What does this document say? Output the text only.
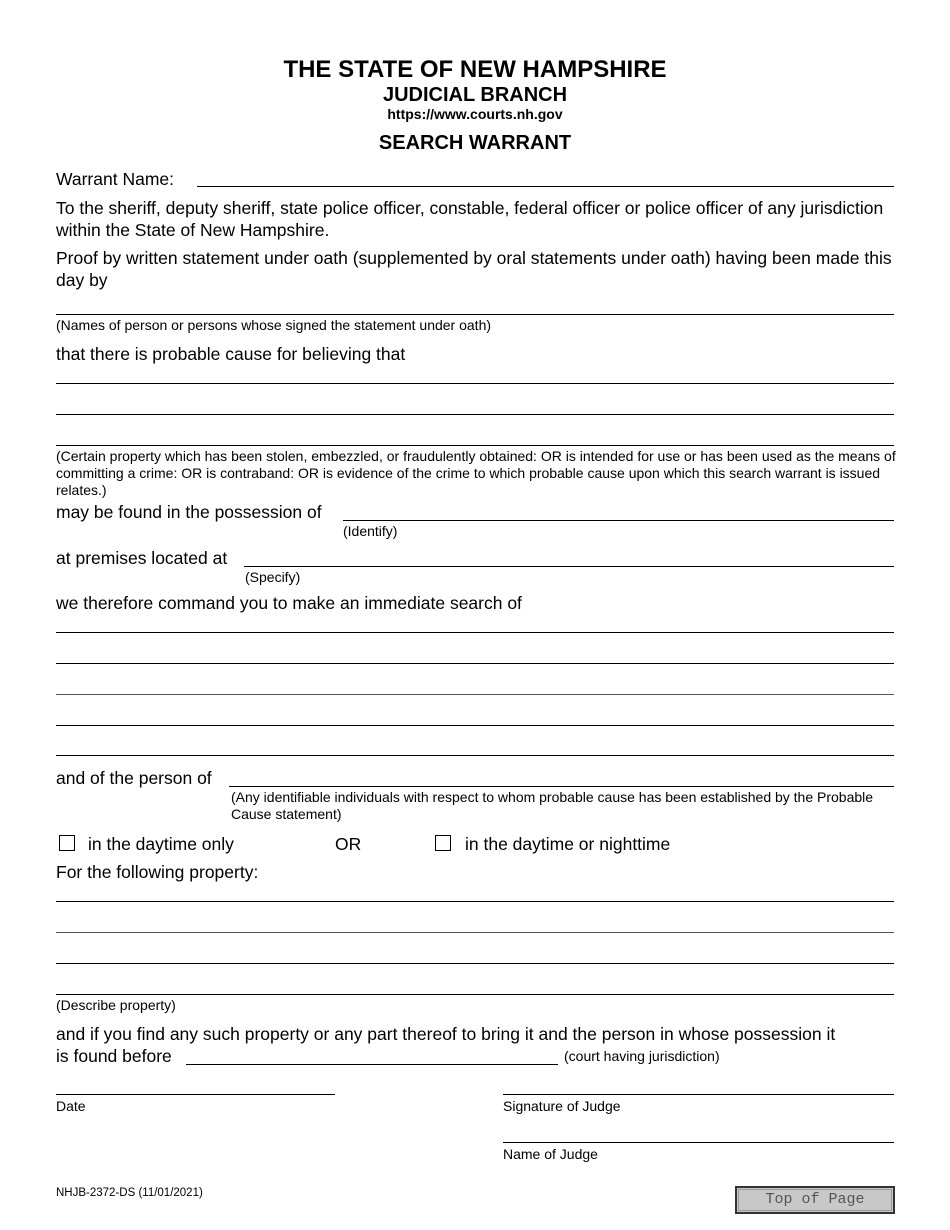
THE STATE OF NEW HAMPSHIRE
JUDICIAL BRANCH
https://www.courts.nh.gov
SEARCH WARRANT
Warrant Name:
To the sheriff, deputy sheriff, state police officer, constable, federal officer or police officer of any jurisdiction within the State of New Hampshire.
Proof by written statement under oath (supplemented by oral statements under oath) having been made this day by
(Names of person or persons whose signed the statement under oath)
that there is probable cause for believing that
(Certain property which has been stolen, embezzled, or fraudulently obtained: OR is intended for use or has been used as the means of committing a crime: OR is contraband: OR is evidence of the crime to which probable cause upon which this search warrant is issued relates.)
may be found in the possession of
(Identify)
at premises located at
(Specify)
we therefore command you to make an immediate search of
and of the person of
(Any identifiable individuals with respect to whom probable cause has been established by the Probable Cause statement)
in the daytime only	OR	in the daytime or nighttime
For the following property:
(Describe property)
and if you find any such property or any part thereof to bring it and the person in whose possession it
is found before	(court having jurisdiction)
Date	Signature of Judge
Name of Judge
NHJB-2372-DS (11/01/2021)	Top of Page
